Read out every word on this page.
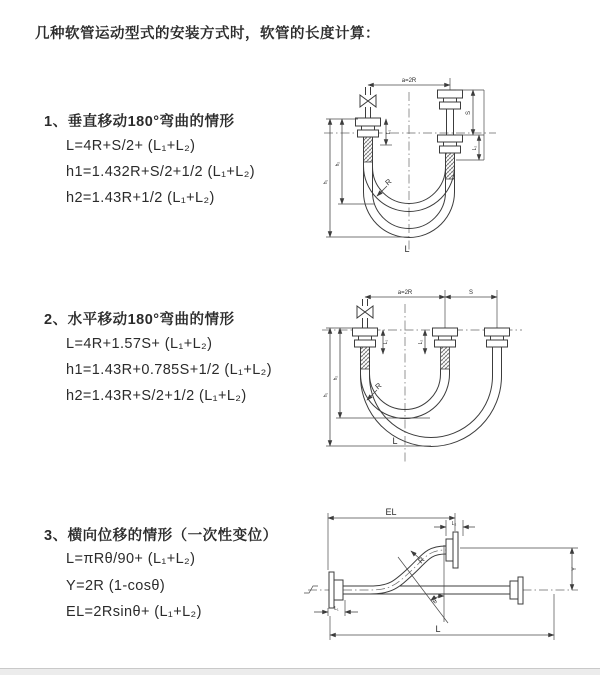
几种软管运动型式的安装方式时，软管的长度计算：
1、垂直移动180°弯曲的情形
L=4R+S/2+ (L₁+L₂)
h1=1.432R+S/2+1/2 (L₁+L₂)
h2=1.43R+1/2 (L₁+L₂)
2、水平移动180°弯曲的情形
L=4R+1.57S+ (L₁+L₂)
h1=1.43R+0.785S+1/2 (L₁+L₂)
h2=1.43R+S/2+1/2 (L₁+L₂)
3、横向位移的情形（一次性变位）
L=πRθ/90+ (L₁+L₂)
Y=2R (1-cosθ)
EL=2Rsinθ+ (L₁+L₂)
a=2R
h₂
h₁
L₁
S
L₂
R
L
a=2R	S
h₂
h₁
L₁	L₂
R
L
θ
EL
L₂
Y
R
L₁
L
